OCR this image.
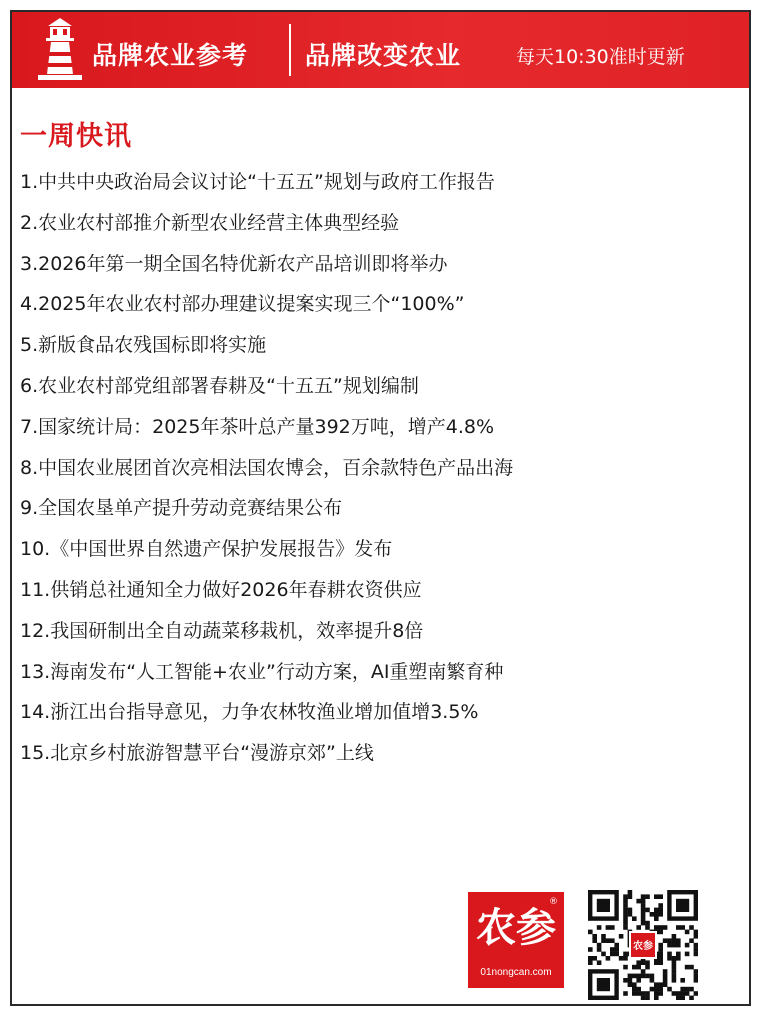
品牌农业参考 品牌改变农业	每天10:30准时更新
一周快讯
1.中共中央政治局会议讨论“十五五”规划与政府工作报告
2.农业农村部推介新型农业经营主体典型经验
3.2026年第一期全国名特优新农产品培训即将举办
4.2025年农业农村部办理建议提案实现三个“100%”
5.新版食品农残国标即将实施
6.农业农村部党组部署春耕及“十五五”规划编制
7.国家统计局：2025年茶叶总产量392万吨，增产4.8%
8.中国农业展团首次亮相法国农博会，百余款特色产品出海
9.全国农垦单产提升劳动竞赛结果公布
10.《中国世界自然遗产保护发展报告》发布
11.供销总社通知全力做好2026年春耕农资供应
12.我国研制出全自动蔬菜移栽机，效率提升8倍
13.海南发布“人工智能+农业”行动方案，AI重塑南繁育种
14.浙江出台指导意见，力争农林牧渔业增加值增3.5%
15.北京乡村旅游智慧平台“漫游京郊”上线
®
农参
01nongcan.com
农参
